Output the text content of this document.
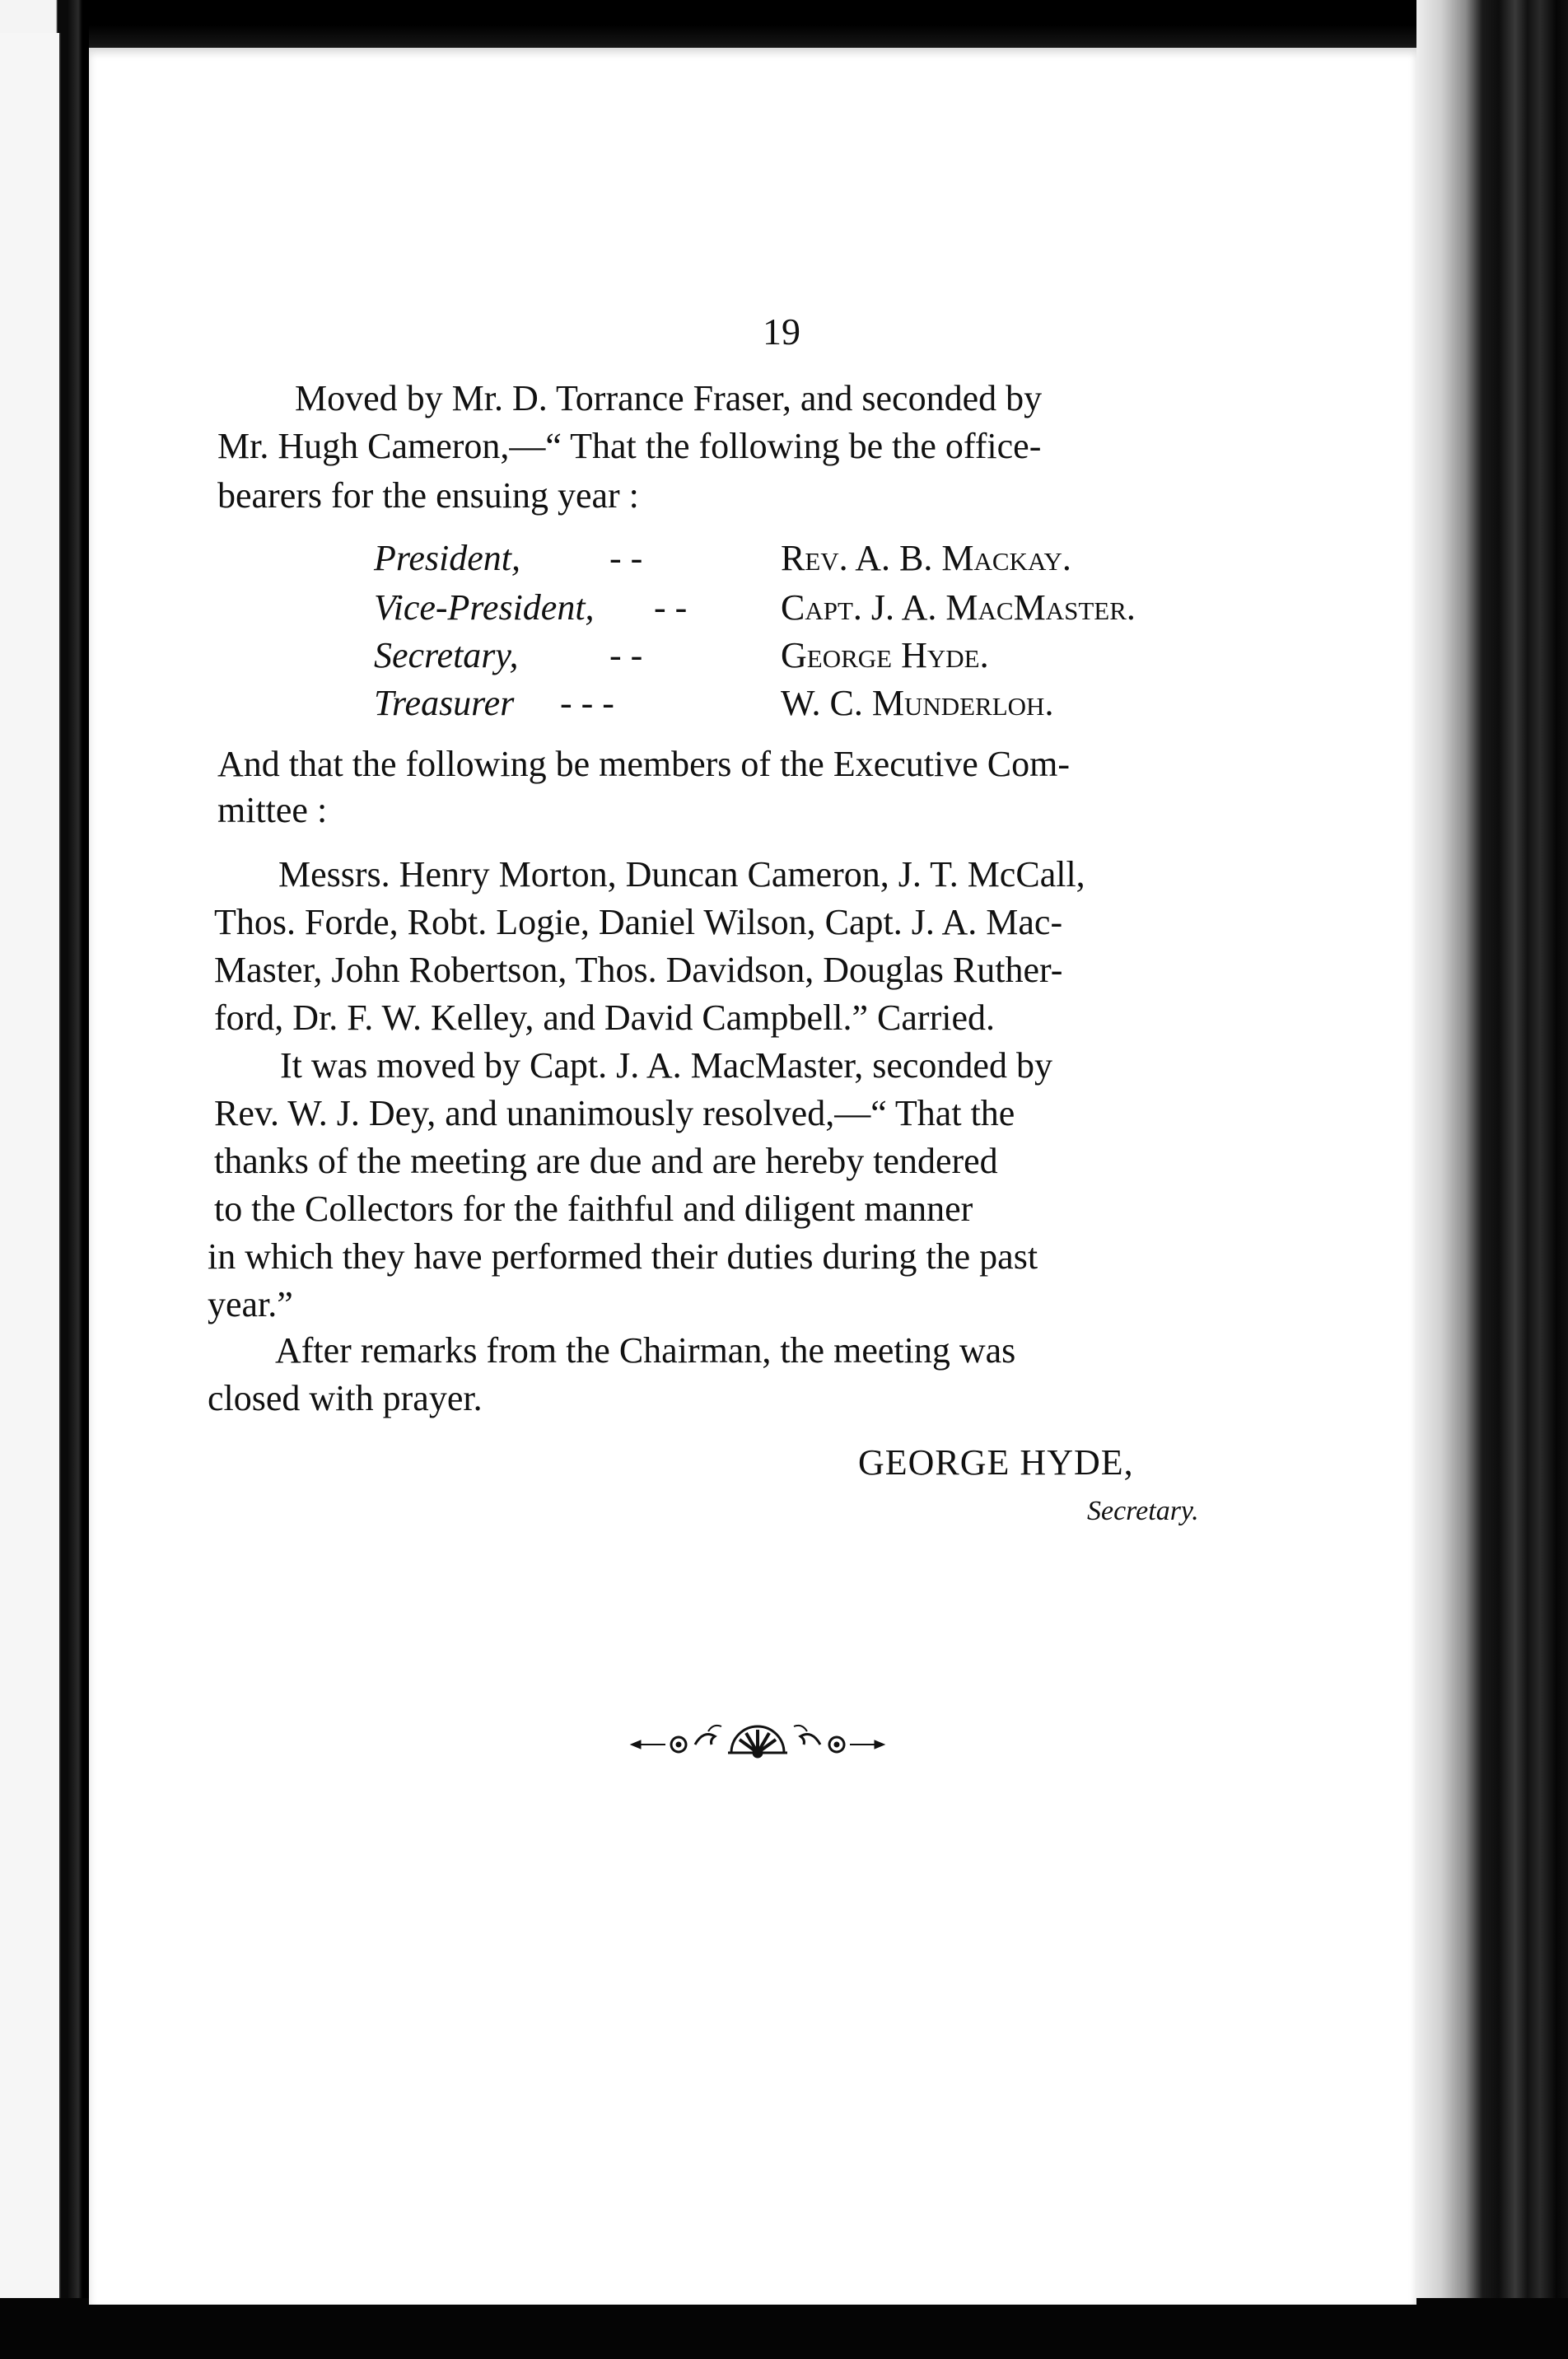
19
Moved by Mr. D. Torrance Fraser, and seconded by
Mr. Hugh Cameron,—“ That the following be the office-
bearers for the ensuing year :
President, - -	Rev. A. B. Mackay.
Vice-President, - -	Capt. J. A. MacMaster.
Secretary,	- -	George Hyde.
Treasurer - - -	W. C. Munderloh.
And that the following be members of the Executive Com-
mittee :
Messrs. Henry Morton, Duncan Cameron, J. T. McCall,
Thos. Forde, Robt. Logie, Daniel Wilson, Capt. J. A. Mac-
Master, John Robertson, Thos. Davidson, Douglas Ruther-
ford, Dr. F. W. Kelley, and David Campbell.” Carried.
It was moved by Capt. J. A. MacMaster, seconded by
Rev. W. J. Dey, and unanimously resolved,—“ That the
thanks of the meeting are due and are hereby tendered
to the Collectors for the faithful and diligent manner
in which they have performed their duties during the past
year.”
After remarks from the Chairman, the meeting was
closed with prayer.
GEORGE HYDE,
Secretary.
